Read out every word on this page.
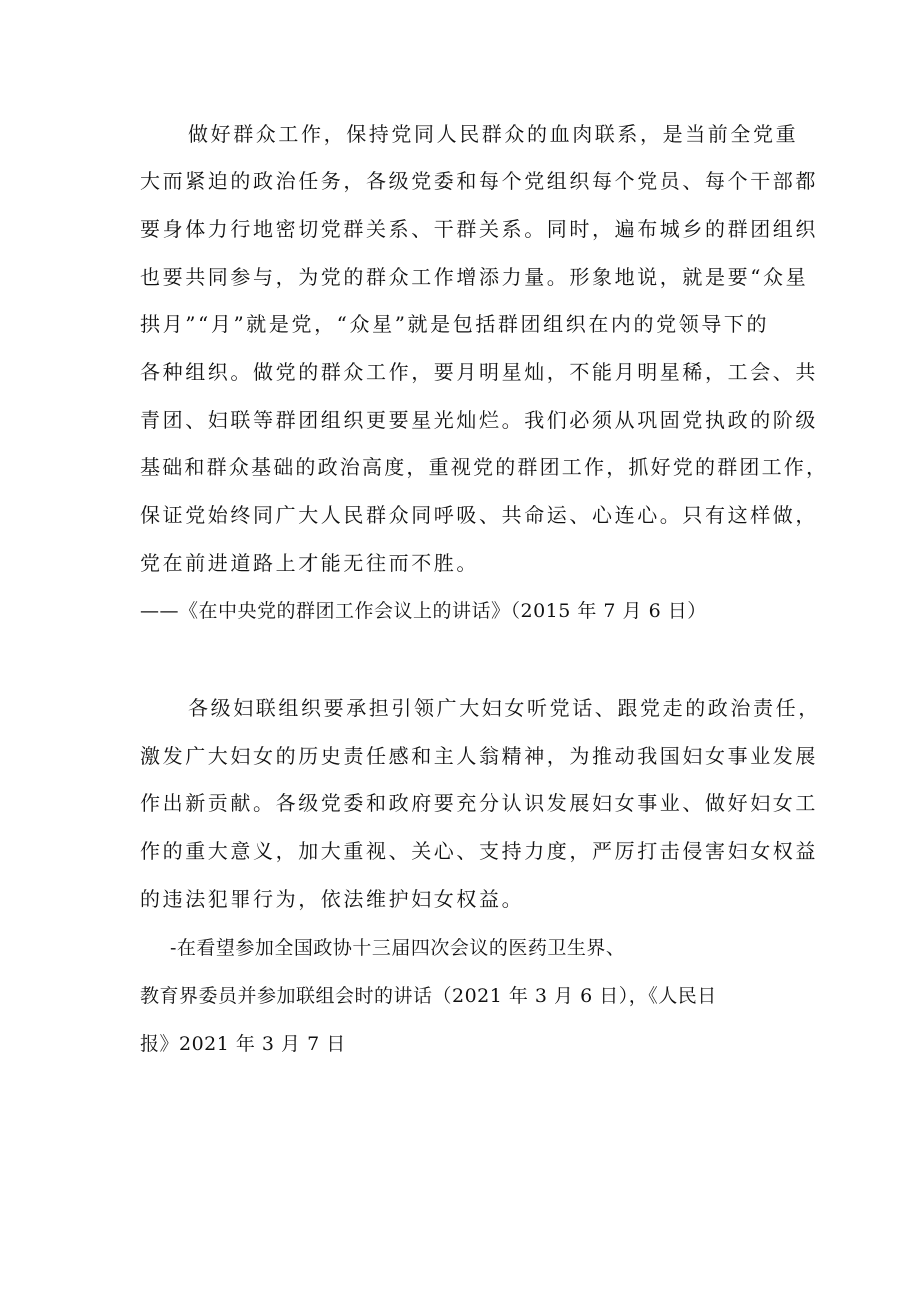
做好群众工作，保持党同人民群众的血肉联系，是当前全党重
大而紧迫的政治任务，各级党委和每个党组织每个党员、每个干部都
要身体力行地密切党群关系、干群关系。同时，遍布城乡的群团组织
也要共同参与，为党的群众工作增添力量。形象地说，就是要“众星
拱月”“月”就是党，“众星”就是包括群团组织在内的党领导下的
各种组织。做党的群众工作，要月明星灿，不能月明星稀，工会、共
青团、妇联等群团组织更要星光灿烂。我们必须从巩固党执政的阶级
基础和群众基础的政治高度，重视党的群团工作，抓好党的群团工作，
保证党始终同广大人民群众同呼吸、共命运、心连心。只有这样做，
党在前进道路上才能无往而不胜。
——《在中央党的群团工作会议上的讲话》（2015 年 7 月 6 日）
各级妇联组织要承担引领广大妇女听党话、跟党走的政治责任，
激发广大妇女的历史责任感和主人翁精神，为推动我国妇女事业发展
作出新贡献。各级党委和政府要充分认识发展妇女事业、做好妇女工
作的重大意义，加大重视、关心、支持力度，严厉打击侵害妇女权益
的违法犯罪行为，依法维护妇女权益。
-在看望参加全国政协十三届四次会议的医药卫生界、
教育界委员并参加联组会时的讲话（2021 年 3 月 6 日），《人民日
报》2021 年 3 月 7 日
